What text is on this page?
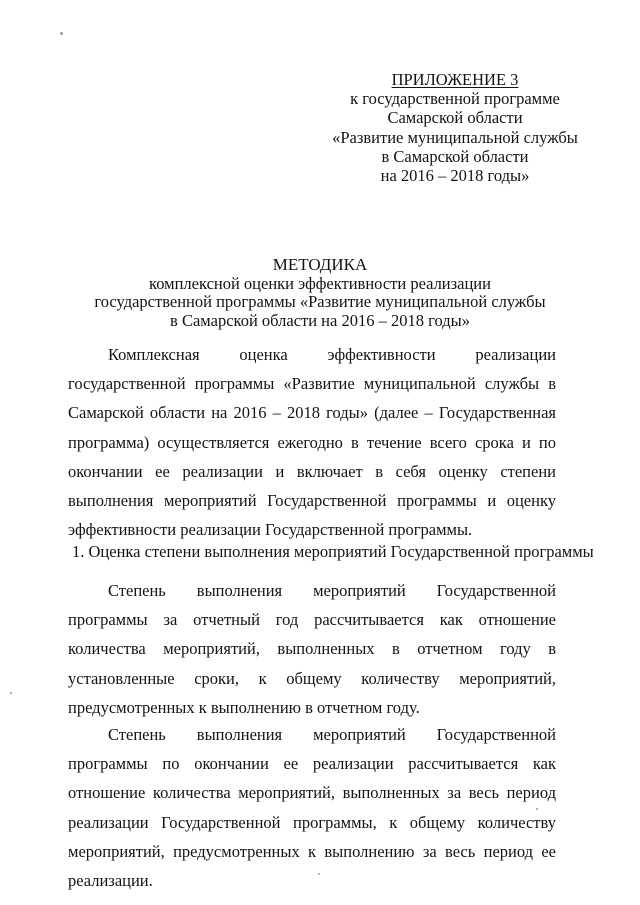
ПРИЛОЖЕНИЕ 3
к государственной программе
Самарской области
«Развитие муниципальной службы
в Самарской области
на 2016 – 2018 годы»
МЕТОДИКА
комплексной оценки эффективности реализации
государственной программы «Развитие муниципальной службы
в Самарской области на 2016 – 2018 годы»

Комплексная оценка эффективности реализации государственной программы «Развитие муниципальной службы в Самарской области на 2016 – 2018 годы» (далее – Государственная программа) осуществляется ежегодно в течение всего срока и по окончании ее реализации и включает в себя оценку степени выполнения мероприятий Государственной программы и оценку эффективности реализации Государственной программы.

1. Оценка степени выполнения мероприятий Государственной программы

Степень выполнения мероприятий Государственной программы за отчетный год рассчитывается как отношение количества мероприятий, выполненных в отчетном году в установленные сроки, к общему количеству мероприятий, предусмотренных к выполнению в отчетном году.

Степень выполнения мероприятий Государственной программы по окончании ее реализации рассчитывается как отношение количества мероприятий, выполненных за весь период реализации Государственной программы, к общему количеству мероприятий, предусмотренных к выполнению за весь период ее реализации.
